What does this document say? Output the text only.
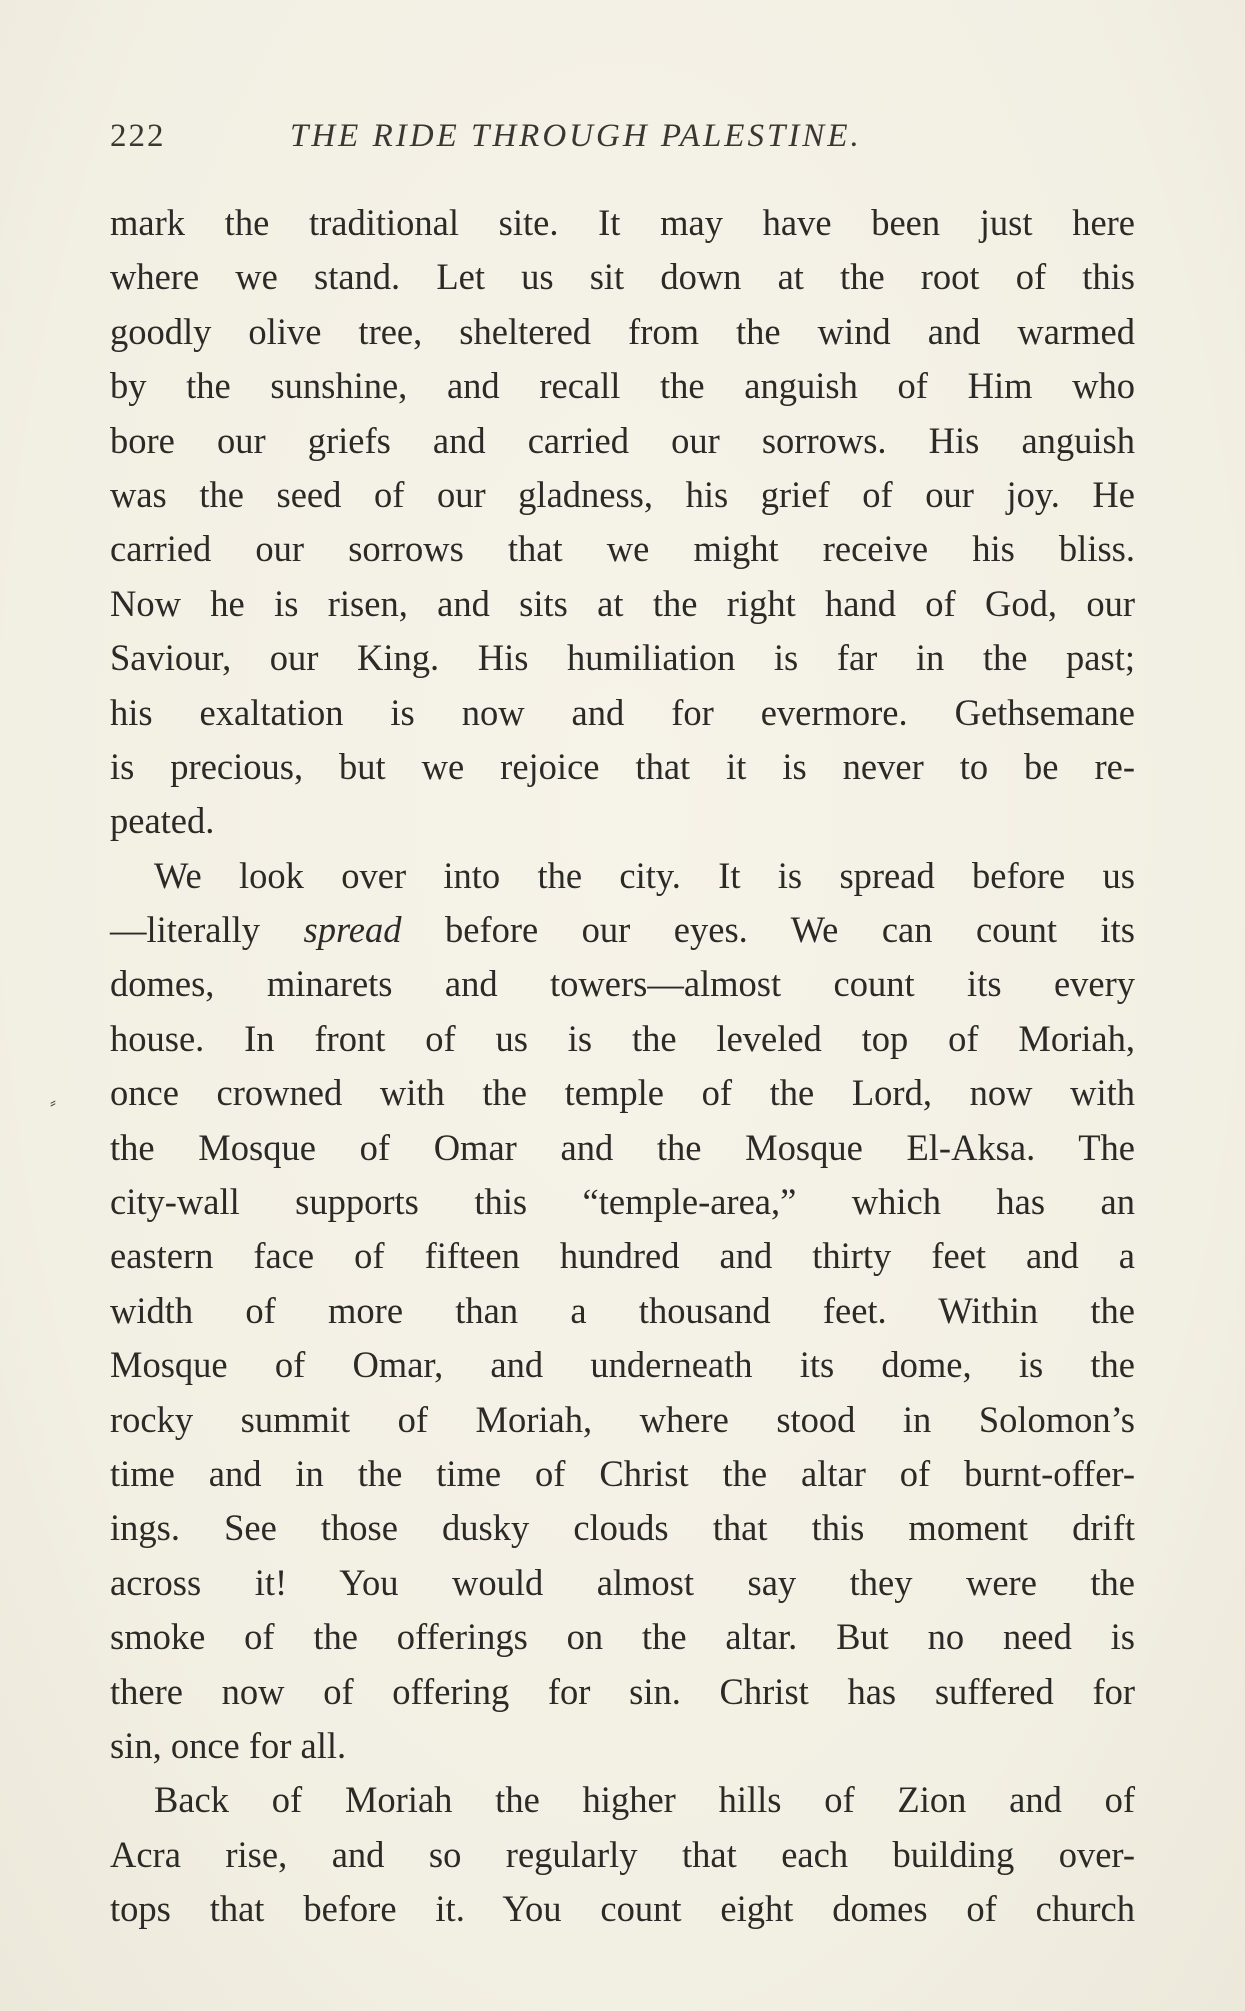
222	THE RIDE THROUGH PALESTINE.
mark the traditional site. It may have been just here
where we stand. Let us sit down at the root of this
goodly olive tree, sheltered from the wind and warmed
by the sunshine, and recall the anguish of Him who
bore our griefs and carried our sorrows. His anguish
was the seed of our gladness, his grief of our joy. He
carried our sorrows that we might receive his bliss.
Now he is risen, and sits at the right hand of God, our
Saviour, our King. His humiliation is far in the past;
his exaltation is now and for evermore. Gethsemane
is precious, but we rejoice that it is never to be re-
peated.
We look over into the city. It is spread before us
—literally spread before our eyes. We can count its
domes, minarets and towers—almost count its every
house. In front of us is the leveled top of Moriah,
once crowned with the temple of the Lord, now with
the Mosque of Omar and the Mosque El-Aksa. The
city-wall supports this “temple-area,” which has an
eastern face of fifteen hundred and thirty feet and a
width of more than a thousand feet. Within the
Mosque of Omar, and underneath its dome, is the
rocky summit of Moriah, where stood in Solomon’s
time and in the time of Christ the altar of burnt-offer-
ings. See those dusky clouds that this moment drift
across it! You would almost say they were the
smoke of the offerings on the altar. But no need is
there now of offering for sin. Christ has suffered for
sin, once for all.
Back of Moriah the higher hills of Zion and of
Acra rise, and so regularly that each building over-
tops that before it. You count eight domes of church
⸗
